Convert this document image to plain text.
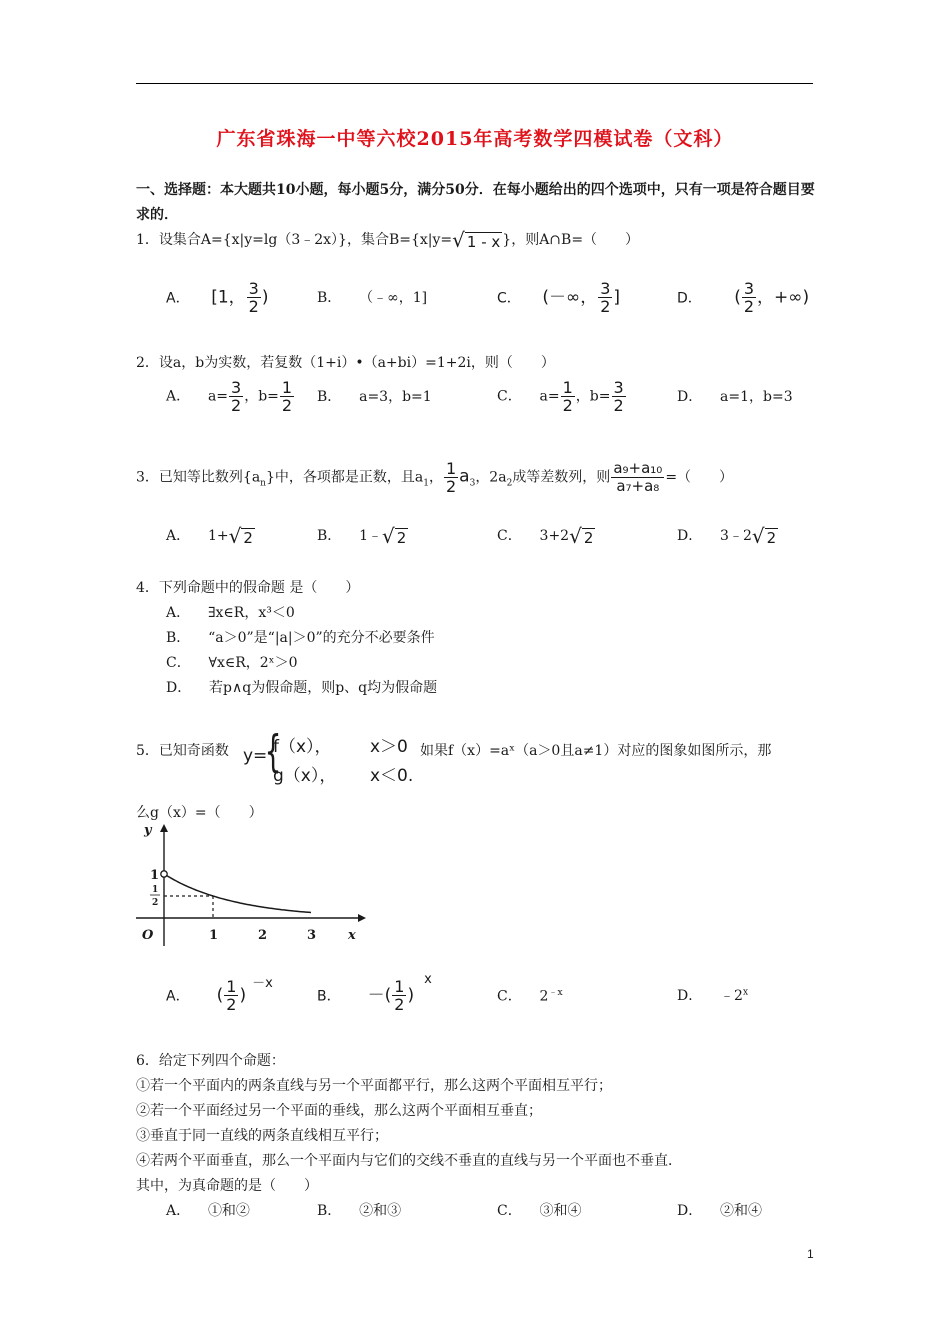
广东省珠海一中等六校2015年高考数学四模试卷（文科）
一、选择题：本大题共10小题，每小题5分，满分50分．在每小题给出的四个选项中，只有一项是符合题目要求的．
1．设集合A={x|y=lg（3﹣2x）}，集合B={x|y=√ 1 - x }，则A∩B=（　　）
A． [1， $\frac{3}{2}$ )	B． （﹣∞，1]	C． (－∞， $\frac{3}{2}$ ]	D． ( $\frac{3}{2}$ ，+∞)
2．设a，b为实数，若复数（1+i）•（a+bi）=1+2i，则（　　）
A． $a= \frac{3}{2}$ ，$b= \frac{1}{2}$ B． a=3，b=1	C． $a= \frac{1}{2}$ ，$b= \frac{3}{2}$	D． a=1，b=3
3．已知等比数列$\{a_n\}$中，各项都是正数，且$a_1$， $\frac{1}{2} a_3$，$2a_2$成等差数列，则 $\frac{\text{a₉+a₁₀}}{\text{a₇+a₈}}$ =（　　）
A． 1+√ 2	B． 1﹣√ 2	C． 3+2√ 2	D． 3﹣2√ 2
4．下列命题中的假命题 是（　　）
A． ∃x∈R，x³＜0
B． “a＞0”是“|a|＞0”的充分不必要条件
C． ∀x∈R，2ˣ＞0
D． 若p∧q为假命题，则p、q均为假命题
5．已知奇函数 y=
{
f（x）， x＞0
g（x）， x＜0.
如果f（x）=aˣ（a＞0且a≠1）对应的图象如图所示，那
么g（x）=（　　）
y
x
O	1	2	3
1
1
2
A． ( $\frac{1}{2} )^{-x}$
B． －( $\frac{1}{2} )^x$
C． $2^{﹣x}$	D． ﹣2$^x$
6．给定下列四个命题：
①若一个平面内的两条直线与另一个平面都平行，那么这两个平面相互平行；
②若一个平面经过另一个平面的垂线，那么这两个平面相互垂直；
③垂直于同一直线的两条直线相互平行；
④若两个平面垂直，那么一个平面内与它们的交线不垂直的直线与另一个平面也不垂直．
其中，为真命题的是（　　）
A． ①和②	B． ②和③	C． ③和④	D． ②和④
1
